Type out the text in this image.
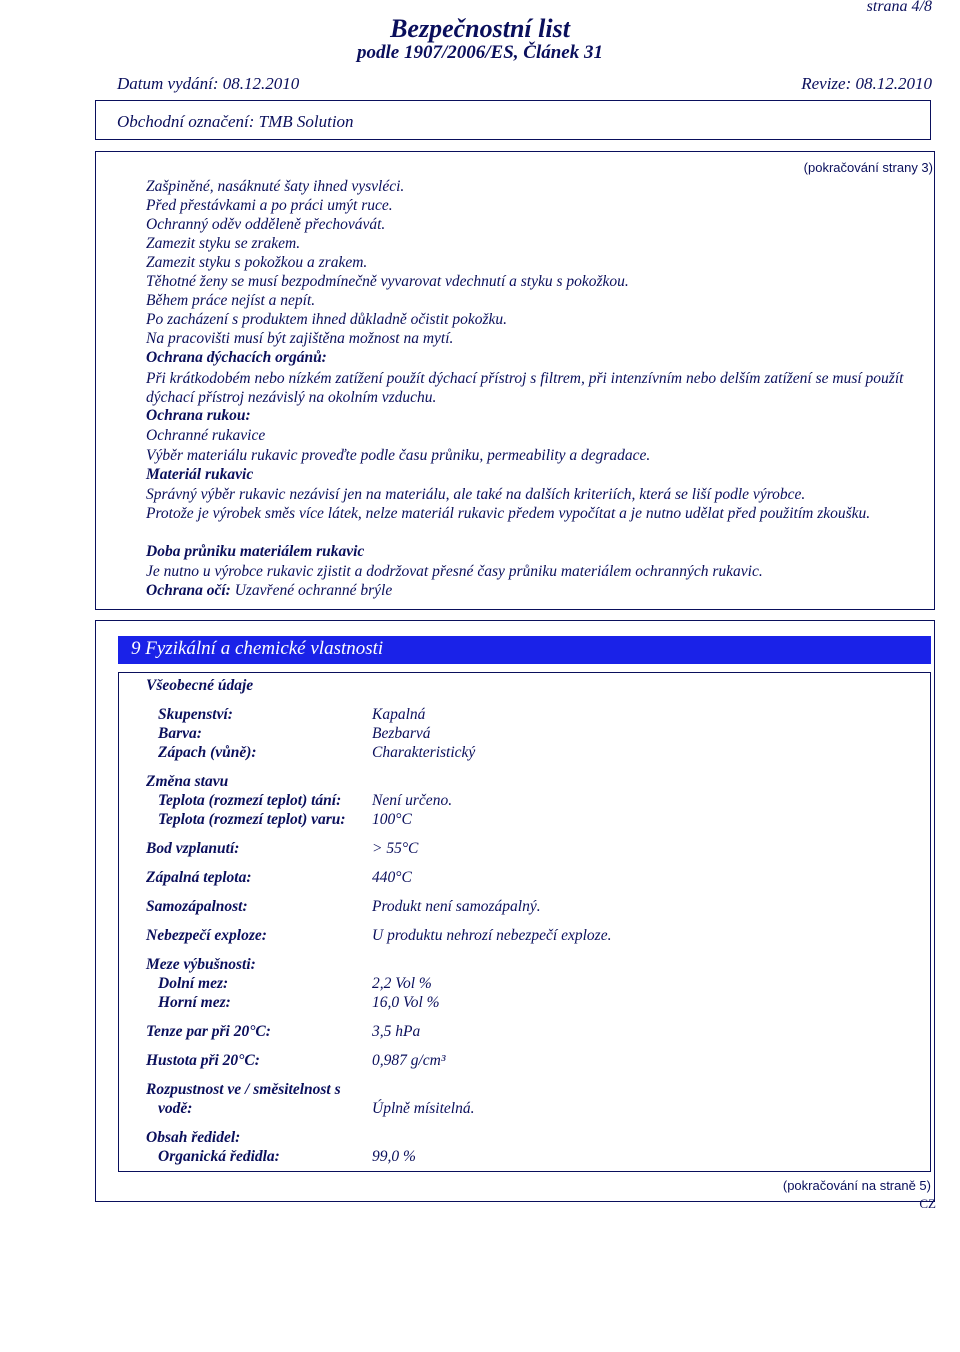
strana 4/8
Bezpečnostní list
podle 1907/2006/ES, Článek 31
Datum vydání: 08.12.2010	Revize: 08.12.2010
Obchodní označení: TMB Solution
(pokračování strany 3)
Zašpiněné, nasáknuté šaty ihned vysvléci.
Před přestávkami a po práci umýt ruce.
Ochranný oděv odděleně přechovávát.
Zamezit styku se zrakem.
Zamezit styku s pokožkou a zrakem.
Těhotné ženy se musí bezpodmínečně vyvarovat vdechnutí a styku s pokožkou.
Během práce nejíst a nepít.
Po zacházení s produktem ihned důkladně očistit pokožku.
Na pracovišti musí být zajištěna možnost na mytí.
Ochrana dýchacích orgánů:
Při krátkodobém nebo nízkém zatížení použít dýchací přístroj s filtrem, při intenzívním nebo delším zatížení se musí použít dýchací přístroj nezávislý na okolním vzduchu.
Ochrana rukou:
Ochranné rukavice
Výběr materiálu rukavic proveďte podle času průniku, permeability a degradace.
Materiál rukavic
Správný výběr rukavic nezávisí jen na materiálu, ale také na dalších kriteriích, která se liší podle výrobce.
Protože je výrobek směs více látek, nelze materiál rukavic předem vypočítat a je nutno udělat před použitím zkoušku.
Doba průniku materiálem rukavic
Je nutno u výrobce rukavic zjistit a dodržovat přesné časy průniku materiálem ochranných rukavic.
Ochrana očí: Uzavřené ochranné brýle
9 Fyzikální a chemické vlastnosti
Všeobecné údaje
Skupenství:	Kapalná
Barva:	Bezbarvá
Zápach (vůně):	Charakteristický
Změna stavu
Teplota (rozmezí teplot) tání: Není určeno.
Teplota (rozmezí teplot) varu: 100°C
Bod vzplanutí:	> 55°C
Zápalná teplota:	440°C
Samozápalnost:	Produkt není samozápalný.
Nebezpečí exploze:	U produktu nehrozí nebezpečí exploze.
Meze výbušnosti:
Dolní mez:	2,2 Vol %
Horní mez:	16,0 Vol %
Tenze par při 20°C:	3,5 hPa
Hustota při 20°C:	0,987 g/cm³
Rozpustnost ve / směsitelnost s
vodě:	Úplně mísitelná.
Obsah ředidel:
Organická ředidla:	99,0 %
(pokračování na straně 5)
CZ
